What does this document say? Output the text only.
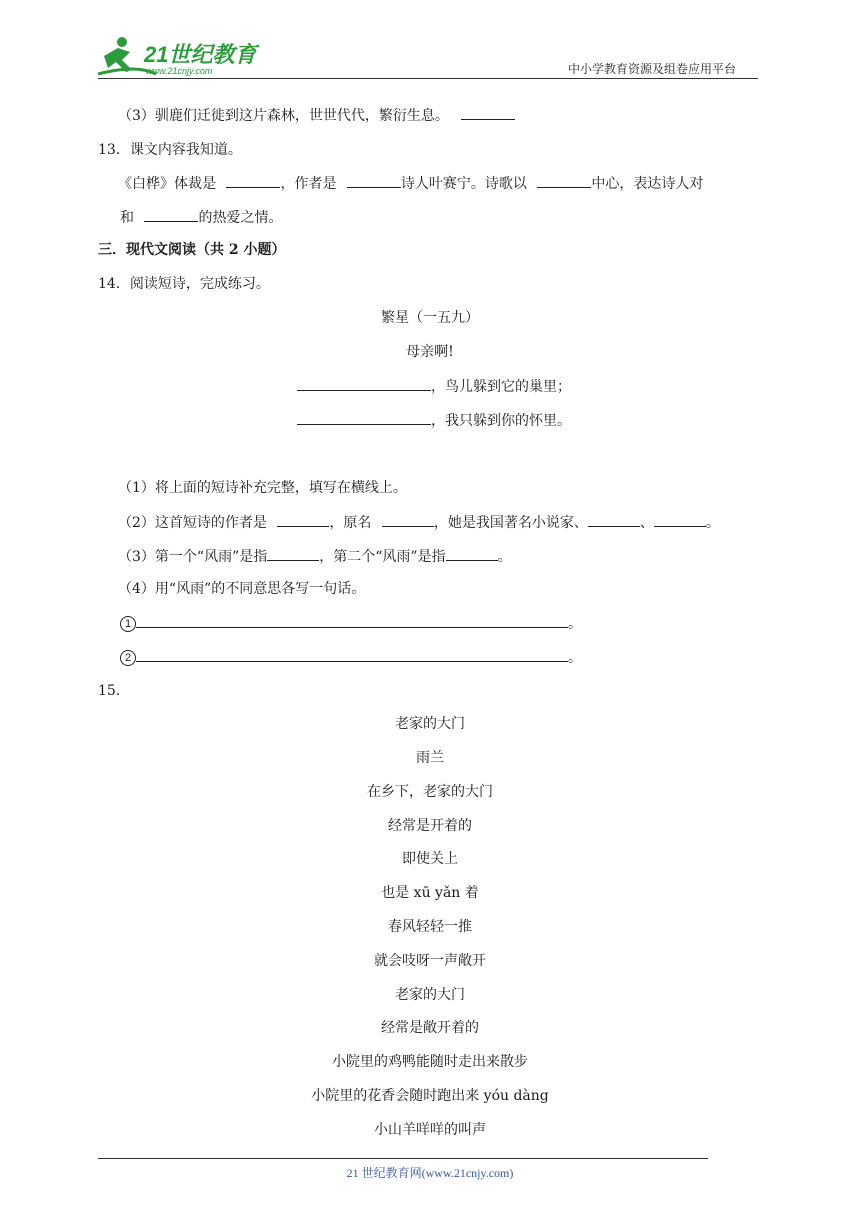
21世纪教育
www.21cnjy.com	中小学教育资源及组卷应用平台
（3）驯鹿们迁徙到这片森林，世世代代，繁衍生息。
13．课文内容我知道。
《白桦》体裁是	，作者是	诗人叶赛宁。诗歌以	中心，表达诗人对
和	的热爱之情。
三．现代文阅读（共 2 小题）
14．阅读短诗，完成练习。
繁星（一五九）
母亲啊!
，鸟儿躲到它的巢里；
，我只躲到你的怀里。
（1）将上面的短诗补充完整，填写在横线上。
（2）这首短诗的作者是	，原名	，她是我国著名小说家、	、	。
（3）第一个“风雨”是指	，第二个“风雨”是指	。
（4）用“风雨”的不同意思各写一句话。
1	。
2	。
15．
老家的大门
雨兰
在乡下，老家的大门
经常是开着的
即使关上
也是 xū yǎn 着
春风轻轻一推
就会吱呀一声敞开
老家的大门
经常是敞开着的
小院里的鸡鸭能随时走出来散步
小院里的花香会随时跑出来 yóu dàng
小山羊咩咩的叫声
21 世纪教育网(www.21cnjy.com)
